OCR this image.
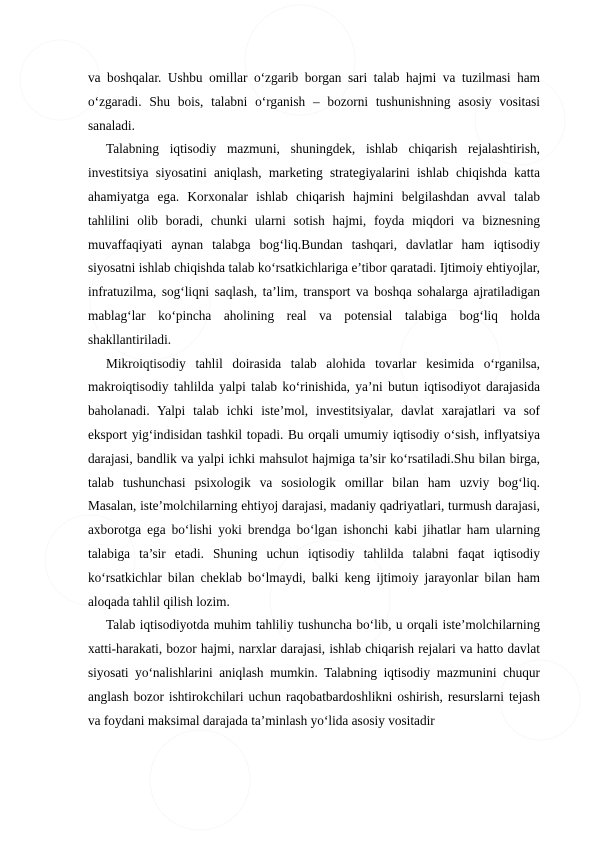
va boshqalar. Ushbu omillar o‘zgarib borgan sari talab hajmi va tuzilmasi ham o‘zgaradi. Shu bois, talabni o‘rganish – bozorni tushunishning asosiy vositasi sanaladi.

Talabning iqtisodiy mazmuni, shuningdek, ishlab chiqarish rejalashtirish, investitsiya siyosatini aniqlash, marketing strategiyalarini ishlab chiqishda katta ahamiyatga ega. Korxonalar ishlab chiqarish hajmini belgilashdan avval talab tahlilini olib boradi, chunki ularni sotish hajmi, foyda miqdori va biznesning muvaffaqiyati aynan talabga bog‘liq.Bundan tashqari, davlatlar ham iqtisodiy siyosatni ishlab chiqishda talab ko‘rsatkichlariga e’tibor qaratadi. Ijtimoiy ehtiyojlar, infratuzilma, sog‘liqni saqlash, ta’lim, transport va boshqa sohalarga ajratiladigan mablag‘lar ko‘pincha aholining real va potensial talabiga bog‘liq holda shakllantiriladi.

Mikroiqtisodiy tahlil doirasida talab alohida tovarlar kesimida o‘rganilsa, makroiqtisodiy tahlilda yalpi talab ko‘rinishida, ya’ni butun iqtisodiyot darajasida baholanadi. Yalpi talab ichki iste’mol, investitsiyalar, davlat xarajatlari va sof eksport yig‘indisidan tashkil topadi. Bu orqali umumiy iqtisodiy o‘sish, inflyatsiya darajasi, bandlik va yalpi ichki mahsulot hajmiga ta’sir ko‘rsatiladi.Shu bilan birga, talab tushunchasi psixologik va sosiologik omillar bilan ham uzviy bog‘liq. Masalan, iste’molchilarning ehtiyoj darajasi, madaniy qadriyatlari, turmush darajasi, axborotga ega bo‘lishi yoki brendga bo‘lgan ishonchi kabi jihatlar ham ularning talabiga ta’sir etadi. Shuning uchun iqtisodiy tahlilda talabni faqat iqtisodiy ko‘rsatkichlar bilan cheklab bo‘lmaydi, balki keng ijtimoiy jarayonlar bilan ham aloqada tahlil qilish lozim.

Talab iqtisodiyotda muhim tahliliy tushuncha bo‘lib, u orqali iste’molchilarning xatti-harakati, bozor hajmi, narxlar darajasi, ishlab chiqarish rejalari va hatto davlat siyosati yo‘nalishlarini aniqlash mumkin. Talabning iqtisodiy mazmunini chuqur anglash bozor ishtirokchilari uchun raqobatbardoshlikni oshirish, resurslarni tejash va foydani maksimal darajada ta’minlash yo‘lida asosiy vositadir
